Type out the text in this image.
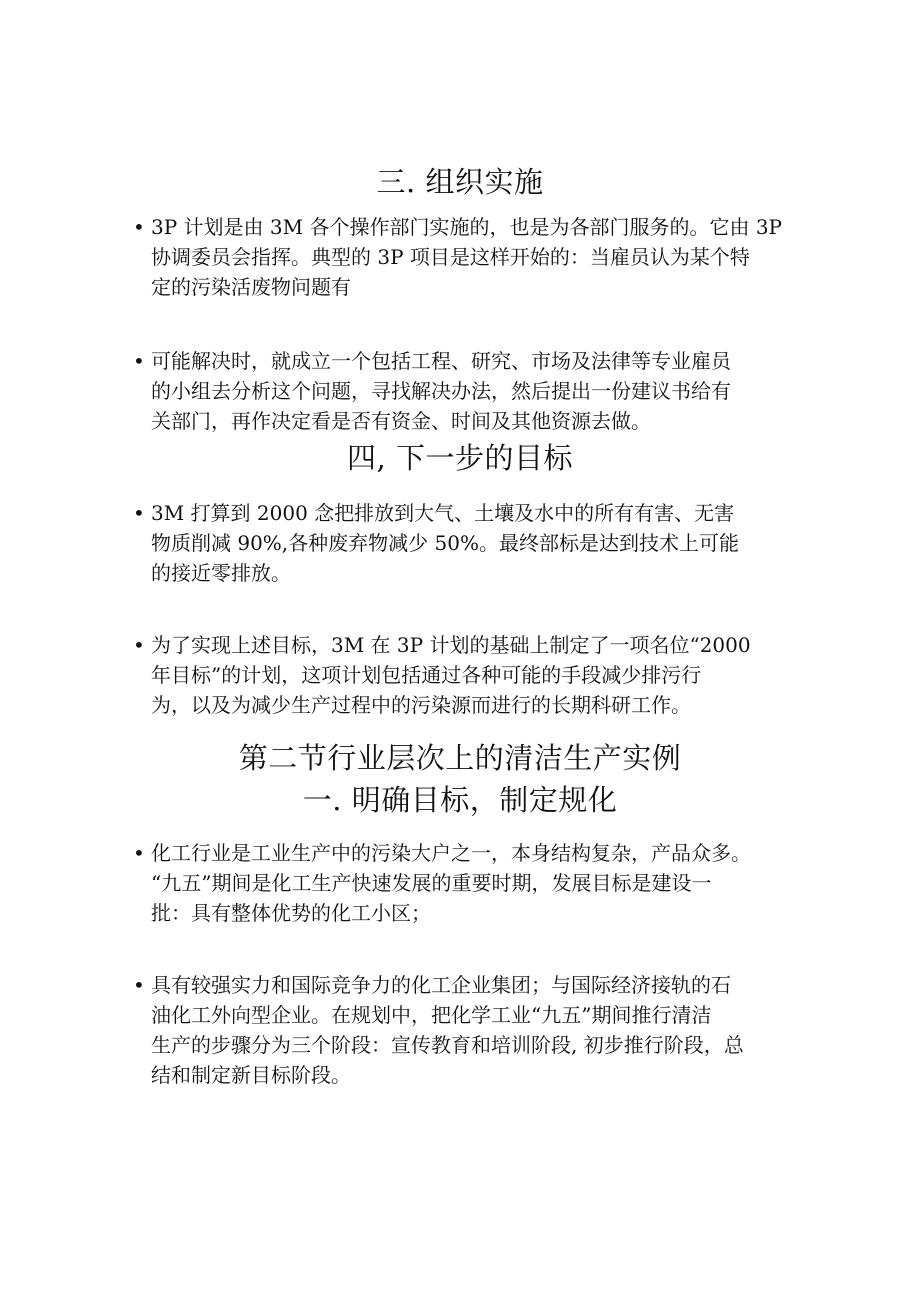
三. 组织实施
• 3P 计划是由 3M 各个操作部门实施的，也是为各部门服务的。它由 3P
协调委员会指挥。典型的 3P 项目是这样开始的：当雇员认为某个特
定的污染活废物问题有
• 可能解决时，就成立一个包括工程、研究、市场及法律等专业雇员
的小组去分析这个问题，寻找解决办法，然后提出一份建议书给有
关部门，再作决定看是否有资金、时间及其他资源去做。
四, 下一步的目标
• 3M 打算到 2000 念把排放到大气、土壤及水中的所有有害、无害
物质削减 90%,各种废弃物减少 50%。最终部标是达到技术上可能
的接近零排放。
• 为了实现上述目标，3M 在 3P 计划的基础上制定了一项名位“2000
年目标”的计划，这项计划包括通过各种可能的手段减少排污行
为，以及为减少生产过程中的污染源而进行的长期科研工作。
第二节行业层次上的清洁生产实例
一. 明确目标，制定规化
• 化工行业是工业生产中的污染大户之一，本身结构复杂，产品众多。
“九五”期间是化工生产快速发展的重要时期，发展目标是建设一
批：具有整体优势的化工小区；
• 具有较强实力和国际竞争力的化工企业集团；与国际经济接轨的石
油化工外向型企业。在规划中，把化学工业“九五”期间推行清洁
生产的步骤分为三个阶段：宣传教育和培训阶段, 初步推行阶段，总
结和制定新目标阶段。
